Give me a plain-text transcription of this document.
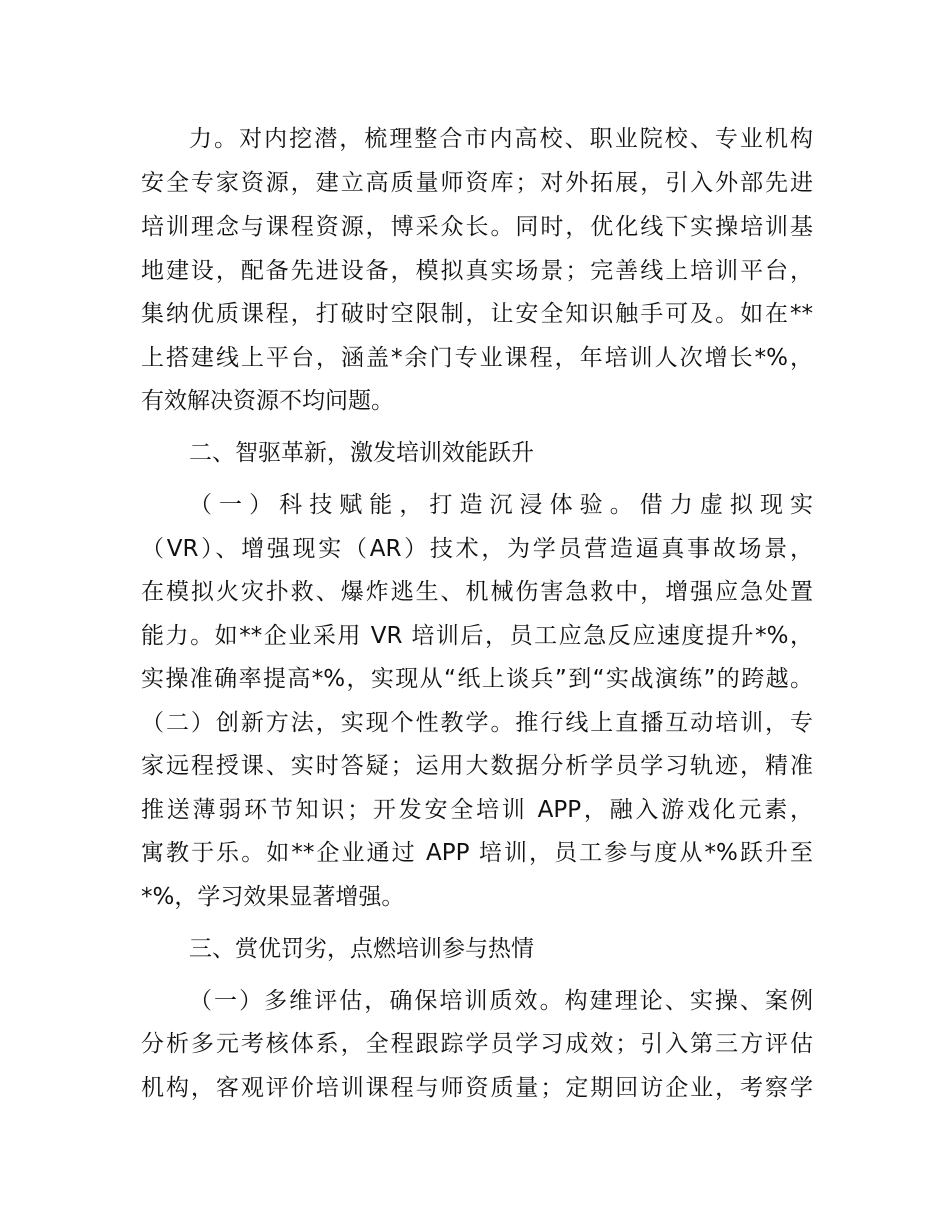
力。对内挖潜，梳理整合市内高校、职业院校、专业机构
安全专家资源，建立高质量师资库；对外拓展，引入外部先进
培训理念与课程资源，博采众长。同时，优化线下实操培训基
地建设，配备先进设备，模拟真实场景；完善线上培训平台，
集纳优质课程，打破时空限制，让安全知识触手可及。如在**
上搭建线上平台，涵盖*余门专业课程，年培训人次增长*%，
有效解决资源不均问题。
二、智驱革新，激发培训效能跃升
（一）科技赋能，打造沉浸体验。借力虚拟现实
（VR）、增强现实（AR）技术，为学员营造逼真事故场景，
在模拟火灾扑救、爆炸逃生、机械伤害急救中，增强应急处置
能力。如**企业采用 VR 培训后，员工应急反应速度提升*%，
实操准确率提高*%，实现从“纸上谈兵”到“实战演练”的跨越。
（二）创新方法，实现个性教学。推行线上直播互动培训，专
家远程授课、实时答疑；运用大数据分析学员学习轨迹，精准
推送薄弱环节知识；开发安全培训 APP，融入游戏化元素，
寓教于乐。如**企业通过 APP 培训，员工参与度从*%跃升至
*%，学习效果显著增强。
三、赏优罚劣，点燃培训参与热情
（一）多维评估，确保培训质效。构建理论、实操、案例
分析多元考核体系，全程跟踪学员学习成效；引入第三方评估
机构，客观评价培训课程与师资质量；定期回访企业，考察学
